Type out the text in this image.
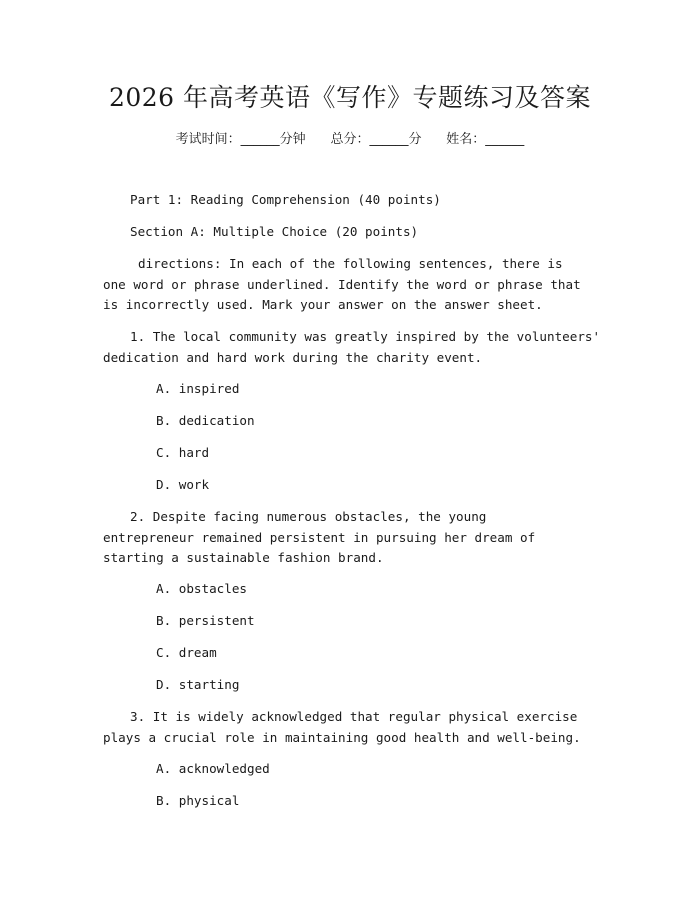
2026 年高考英语《写作》专题练习及答案
考试时间：______分钟 总分：______分 姓名：______
Part 1: Reading Comprehension (40 points)
Section A: Multiple Choice (20 points)
directions: In each of the following sentences, there is one word or phrase underlined. Identify the word or phrase that is incorrectly used. Mark your answer on the answer sheet.
1. The local community was greatly inspired by the volunteers' dedication and hard work during the charity event.
A. inspired
B. dedication
C. hard
D. work
2. Despite facing numerous obstacles, the young entrepreneur remained persistent in pursuing her dream of starting a sustainable fashion brand.
A. obstacles
B. persistent
C. dream
D. starting
3. It is widely acknowledged that regular physical exercise plays a crucial role in maintaining good health and well-being.
A. acknowledged
B. physical
